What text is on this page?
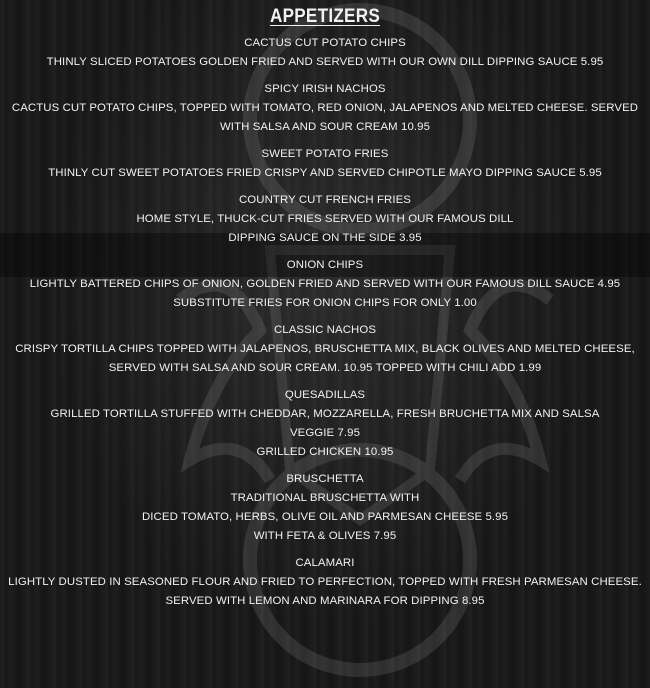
APPETIZERS
CACTUS CUT POTATO CHIPS
THINLY SLICED POTATOES GOLDEN FRIED AND SERVED WITH OUR OWN DILL DIPPING SAUCE 5.95
SPICY IRISH NACHOS
CACTUS CUT POTATO CHIPS, TOPPED WITH TOMATO, RED ONION, JALAPENOS AND MELTED CHEESE. SERVED
WITH SALSA AND SOUR CREAM 10.95
SWEET POTATO FRIES
THINLY CUT SWEET POTATOES FRIED CRISPY AND SERVED CHIPOTLE MAYO DIPPING SAUCE 5.95
COUNTRY CUT FRENCH FRIES
HOME STYLE, THUCK-CUT FRIES SERVED WITH OUR FAMOUS DILL
DIPPING SAUCE ON THE SIDE 3.95
ONION CHIPS
LIGHTLY BATTERED CHIPS OF ONION, GOLDEN FRIED AND SERVED WITH OUR FAMOUS DILL SAUCE 4.95
SUBSTITUTE FRIES FOR ONION CHIPS FOR ONLY 1.00
CLASSIC NACHOS
CRISPY TORTILLA CHIPS TOPPED WITH JALAPENOS, BRUSCHETTA MIX, BLACK OLIVES AND MELTED CHEESE,
SERVED WITH SALSA AND SOUR CREAM. 10.95 TOPPED WITH CHILI ADD 1.99
QUESADILLAS
GRILLED TORTILLA STUFFED WITH CHEDDAR, MOZZARELLA, FRESH BRUCHETTA MIX AND SALSA
VEGGIE 7.95
GRILLED CHICKEN 10.95
BRUSCHETTA
TRADITIONAL BRUSCHETTA WITH
DICED TOMATO, HERBS, OLIVE OIL AND PARMESAN CHEESE 5.95
WITH FETA & OLIVES 7.95
CALAMARI
LIGHTLY DUSTED IN SEASONED FLOUR AND FRIED TO PERFECTION, TOPPED WITH FRESH PARMESAN CHEESE.
SERVED WITH LEMON AND MARINARA FOR DIPPING 8.95
